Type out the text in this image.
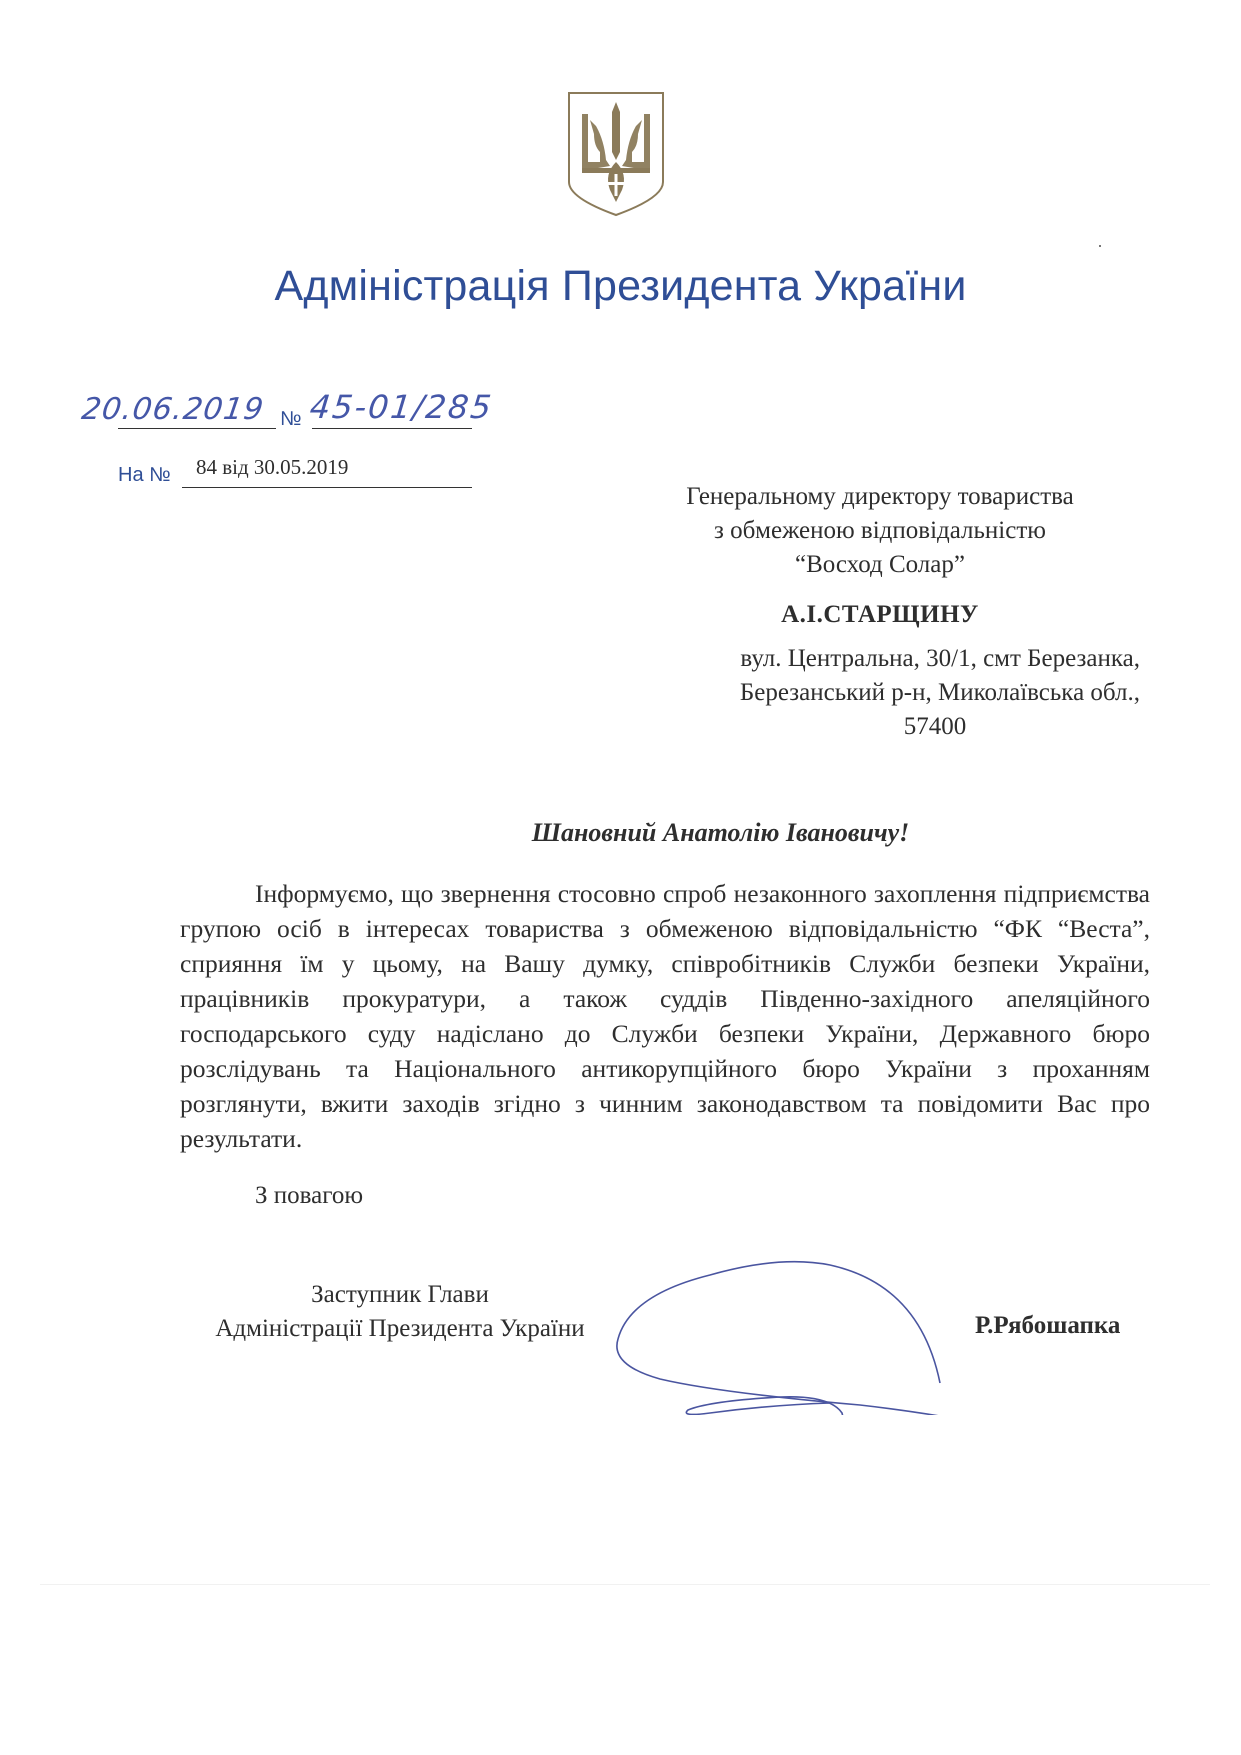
Адміністрація Президента України
20.06.2019 № 45-01/285
На № 84 від 30.05.2019
Генеральному директору товариства
з обмеженою відповідальністю
“Восход Солар”
А.І.СТАРЩИНУ
вул. Центральна, 30/1, смт Березанка,
Березанський р-н, Миколаївська обл.,
57400
Шановний Анатолію Івановичу!
Інформуємо, що звернення стосовно спроб незаконного захоплення підприємства групою осіб в інтересах товариства з обмеженою відповідальністю “ФК “Веста”, сприяння їм у цьому, на Вашу думку, співробітників Служби безпеки України, працівників прокуратури, а також суддів Південно-західного апеляційного господарського суду надіслано до Служби безпеки України, Державного бюро розслідувань та Національного антикорупційного бюро України з проханням розглянути, вжити заходів згідно з чинним законодавством та повідомити Вас про результати.
З повагою
Заступник Глави
Адміністрації Президента України	Р.Рябошапка
